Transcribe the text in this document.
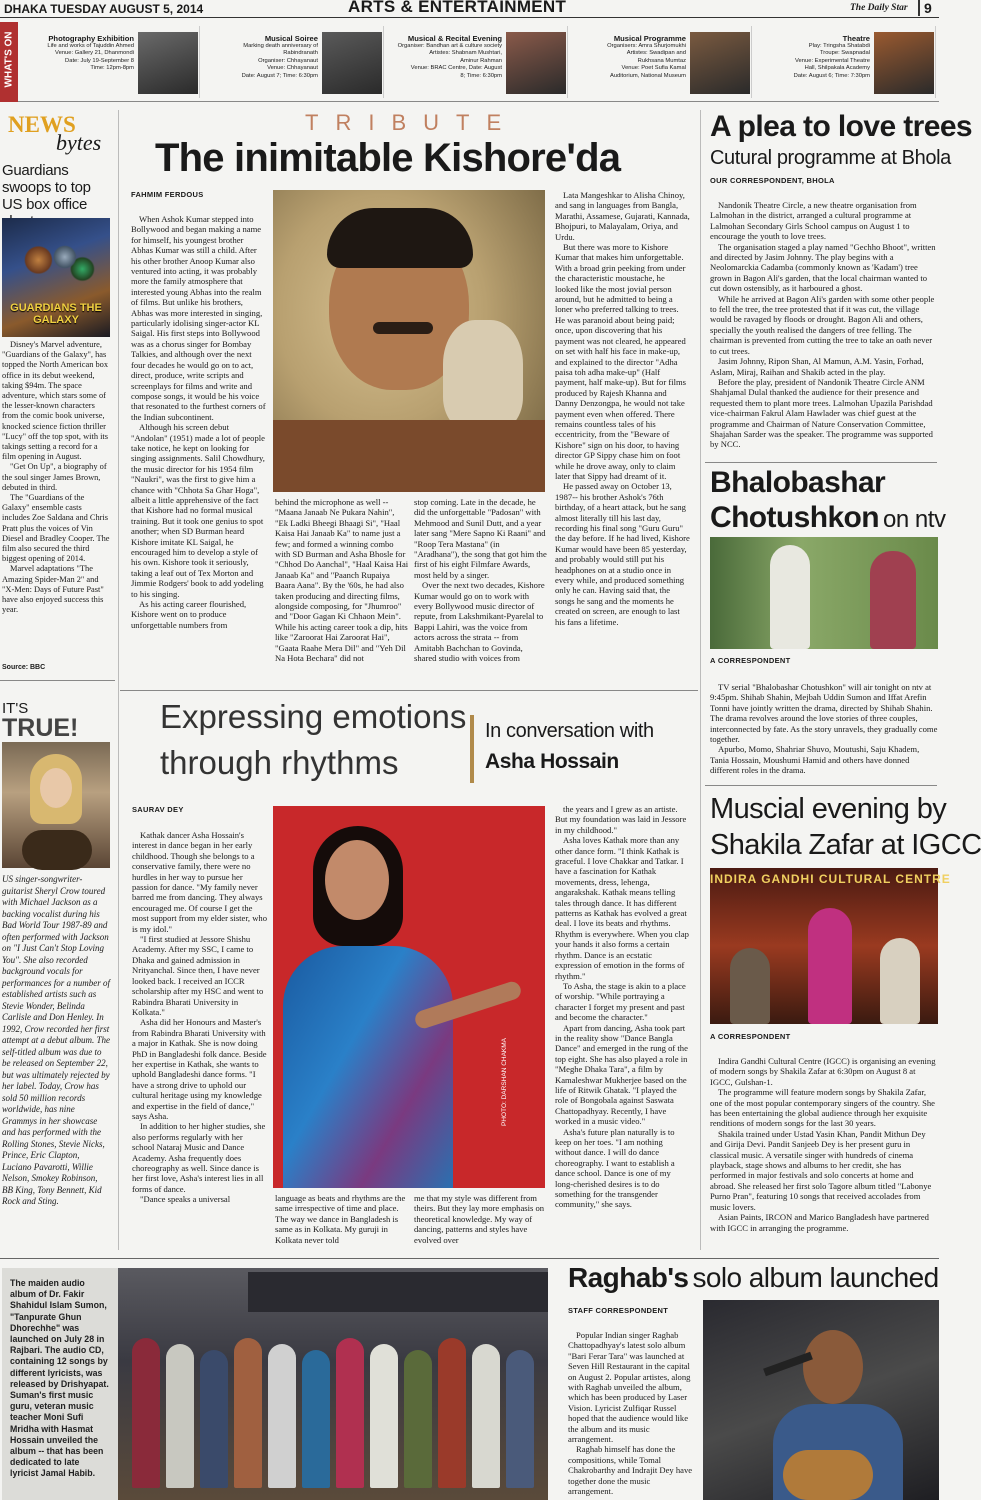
DHAKA TUESDAY AUGUST 5, 2014	ARTS & ENTERTAINMENT	The Daily Star	9
WHAT'S ON	Photography Exhibition
Life and works of Tajuddin Ahmed
Venue: Gallery 21, Dhanmondi
Date: July 19-September 8
Time: 12pm-8pm
Musical Soiree
Marking death anniversary of
Rabindranath
Organiser: Chhayanaut
Venue: Chhayanaut
Date: August 7; Time: 6:30pm
Musical & Recital Evening
Organiser: Bandhan art & culture society
Artistes: Shabnam Mushtari,
Aminur Rahman
Venue: BRAC Centre, Date: August
8; Time: 6:30pm
Musical Programme
Organisers: Amra Shurjomukhi
Artistes: Swadipan and
Rukhsana Mumtaz
Venue: Poet Sufia Kamal
Auditorium, National Museum
Theatre
Play: Tringsha Shatabdi
Troupe: Swapnadal
Venue: Experimental Theatre
Hall, Shilpakala Academy
Date: August 6; Time: 7:30pm
NEWS
bytes
Guardians swoops to top US box office
GUARDIANS THE GALAXY

Disney's Marvel adventure, "Guardians of the Galaxy", has topped the North American box office in its debut weekend, taking $94m. The space adventure, which stars some of the lesser-known characters from the comic book universe, knocked science fiction thriller "Lucy" off the top spot, with its takings setting a record for a film opening in August.

"Get On Up", a biography of the soul singer James Brown, debuted in third.

The "Guardians of the Galaxy" ensemble casts includes Zoe Saldana and Chris Pratt plus the voices of Vin Diesel and Bradley Cooper. The film also secured the third biggest opening of 2014.

Marvel adaptations "The Amazing Spider-Man 2" and "X-Men: Days of Future Past" have also enjoyed success this year.

Source: BBC
IT'S
TRUE!
US singer-songwriter-guitarist Sheryl Crow toured with Michael Jackson as a backing vocalist during his Bad World Tour 1987-89 and often performed with Jackson on "I Just Can't Stop Loving You". She also recorded background vocals for performances for a number of established artists such as Stevie Wonder, Belinda Carlisle and Don Henley. In 1992, Crow recorded her first attempt at a debut album. The self-titled album was due to be released on September 22, but was ultimately rejected by her label. Today, Crow has sold 50 million records worldwide, has nine Grammys in her showcase and has performed with the Rolling Stones, Stevie Nicks, Prince, Eric Clapton, Luciano Pavarotti, Willie Nelson, Smokey Robinson, BB King, Tony Bennett, Kid Rock and Sting.
TRIBUTE
The inimitable Kishore'da
FAHMIM FERDOUS

When Ashok Kumar stepped into Bollywood and began making a name for himself, his youngest brother Abhas Kumar was still a child. After his other brother Anoop Kumar also ventured into acting, it was probably more the family atmosphere that interested young Abhas into the realm of films. But unlike his brothers, Abhas was more interested in singing, particularly idolising singer-actor KL Saigal. His first steps into Bollywood was as a chorus singer for Bombay Talkies, and although over the next four decades he would go on to act, direct, produce, write scripts and screenplays for films and write and compose songs, it would be his voice that resonated to the furthest corners of the Indian subcontinent.

Although his screen debut "Andolan" (1951) made a lot of people take notice, he kept on looking for singing assignments. Salil Chowdhury, the music director for his 1954 film "Naukri", was the first to give him a chance with "Chhota Sa Ghar Hoga", albeit a little apprehensive of the fact that Kishore had no formal musical training. But it took one genius to spot another; when SD Burman heard Kishore imitate KL Saigal, he encouraged him to develop a style of his own. Kishore took it seriously, taking a leaf out of Tex Morton and Jimmie Rodgers' book to add yodeling to his singing.

As his acting career flourished, Kishore went on to produce unforgettable numbers from

behind the microphone as well -- "Maana Janaab Ne Pukara Nahin", "Ek Ladki Bheegi Bhaagi Si", "Haal Kaisa Hai Janaab Ka" to name just a few; and formed a winning combo with SD Burman and Asha Bhosle for "Chhod Do Aanchal", "Haal Kaisa Hai Janaab Ka" and "Paanch Rupaiya Baara Aana". By the '60s, he had also taken producing and directing films, alongside composing, for "Jhumroo" and "Door Gagan Ki Chhaon Mein". While his acting career took a dip, hits like "Zaroorat Hai Zaroorat Hai", "Gaata Raahe Mera Dil" and "Yeh Dil Na Hota Bechara" did not

stop coming. Late in the decade, he did the unforgettable "Padosan" with Mehmood and Sunil Dutt, and a year later sang "Mere Sapno Ki Raani" and "Roop Tera Mastana" (in "Aradhana"), the song that got him the first of his eight Filmfare Awards, most held by a singer.

Over the next two decades, Kishore Kumar would go on to work with every Bollywood music director of repute, from Lakshmikant-Pyarelal to Bappi Lahiri, was the voice from actors across the strata -- from Amitabh Bachchan to Govinda, shared studio with voices from

Lata Mangeshkar to Alisha Chinoy, and sang in languages from Bangla, Marathi, Assamese, Gujarati, Kannada, Bhojpuri, to Malayalam, Oriya, and Urdu.

But there was more to Kishore Kumar that makes him unforgettable. With a broad grin peeking from under the characteristic moustache, he looked like the most jovial person around, but he admitted to being a loner who preferred talking to trees. He was paranoid about being paid; once, upon discovering that his payment was not cleared, he appeared on set with half his face in make-up, and explained to the director "Adha paisa toh adha make-up" (Half payment, half make-up). But for films produced by Rajesh Khanna and Danny Denzongpa, he would not take payment even when offered. There remains countless tales of his eccentricity, from the "Beware of Kishore" sign on his door, to having director GP Sippy chase him on foot while he drove away, only to claim later that Sippy had dreamt of it.

He passed away on October 13, 1987-- his brother Ashok's 76th birthday, of a heart attack, but he sang almost literally till his last day, recording his final song "Guru Guru" the day before. If he had lived, Kishore Kumar would have been 85 yesterday, and probably would still put his headphones on at a studio once in every while, and produced something only he can. Having said that, the songs he sang and the moments he created on screen, are enough to last his fans a lifetime.

A plea to love trees
Cutural programme at Bhola
OUR CORRESPONDENT, BHOLA

Nandonik Theatre Circle, a new theatre organisation from Lalmohan in the district, arranged a cultural programme at Lalmohan Secondary Girls School campus on August 1 to encourage the youth to love trees.

The organisation staged a play named "Gechho Bhoot", written and directed by Jasim Johnny. The play begins with a Neolomarckia Cadamba (commonly known as 'Kadam') tree grown in Bagon Ali's garden, that the local chairman wanted to cut down ostensibly, as it harboured a ghost.

While he arrived at Bagon Ali's garden with some other people to fell the tree, the tree protested that if it was cut, the village would be ravaged by floods or drought. Bagon Ali and others, specially the youth realised the dangers of tree felling. The chairman is prevented from cutting the tree to take an oath never to cut trees.

Jasim Johnny, Ripon Shan, Al Mamun, A.M. Yasin, Forhad, Aslam, Miraj, Raihan and Shakib acted in the play.

Before the play, president of Nandonik Theatre Circle ANM Shahjamal Dulal thanked the audience for their presence and requested them to plant more trees. Lalmohan Upazila Parishdad vice-chairman Fakrul Alam Hawlader was chief guest at the programme and Chairman of Nature Conservation Committee, Shajahan Sarder was the speaker. The programme was supported by NCC.

Bhalobashar
Chotushkon on ntv
A CORRESPONDENT

TV serial "Bhalobashar Chotushkon" will air tonight on ntv at 9:45pm. Shihab Shahin, Mejbah Uddin Sumon and Iffat Arefin Tonni have jointly written the drama, directed by Shihab Shahin. The drama revolves around the love stories of three couples, interconnected by fate. As the story unravels, they gradually come together.

Apurbo, Momo, Shahriar Shuvo, Moutushi, Saju Khadem, Tania Hossain, Moushumi Hamid and others have donned different roles in the drama.

Expressing emotions
through rhythms
In conversation with
Asha Hossain
SAURAV DEY

Kathak dancer Asha Hossain's interest in dance began in her early childhood. Though she belongs to a conservative family, there were no hurdles in her way to pursue her passion for dance. "My family never barred me from dancing. They always encouraged me. Of course I get the most support from my elder sister, who is my idol."

"I first studied at Jessore Shishu Academy. After my SSC, I came to Dhaka and gained admission in Nrityanchal. Since then, I have never looked back. I received an ICCR scholarship after my HSC and went to Rabindra Bharati University in Kolkata."

Asha did her Honours and Master's from Rabindra Bharati University with a major in Kathak. She is now doing PhD in Bangladeshi folk dance. Beside her expertise in Kathak, she wants to uphold Bangladeshi dance forms. "I have a strong drive to uphold our cultural heritage using my knowledge and expertise in the field of dance," says Asha.

In addition to her higher studies, she also performs regularly with her school Nataraj Music and Dance Academy. Asha frequently does choreography as well. Since dance is her first love, Asha's interest lies in all forms of dance.

"Dance speaks a universal

PHOTO: DARSHAN CHAKMA

language as beats and rhythms are the same irrespective of time and place. The way we dance in Bangladesh is same as in Kolkata. My guruji in Kolkata never told

me that my style was different from theirs. But they lay more emphasis on theoretical knowledge. My way of dancing, patterns and styles have evolved over

the years and I grew as an artiste. But my foundation was laid in Jessore in my childhood."

Asha loves Kathak more than any other dance form. "I think Kathak is graceful. I love Chakkar and Tatkar. I have a fascination for Kathak movements, dress, lehenga, angarakshak. Kathak means telling tales through dance. It has different patterns as Kathak has evolved a great deal. I love its beats and rhythms. Rhythm is everywhere. When you clap your hands it also forms a certain rhythm. Dance is an ecstatic expression of emotion in the forms of rhythm."

To Asha, the stage is akin to a place of worship. "While portraying a character I forget my present and past and become the character."

Apart from dancing, Asha took part in the reality show "Dance Bangla Dance" and emerged in the rung of the top eight. She has also played a role in "Meghe Dhaka Tara", a film by Kamaleshwar Mukherjee based on the life of Ritwik Ghatak. "I played the role of Bongobala against Saswata Chattopadhyay. Recently, I have worked in a music video."

Asha's future plan naturally is to keep on her toes. "I am nothing without dance. I will do dance choreography. I want to establish a dance school. Dance is one of my long-cherished desires is to do something for the transgender community," she says.

Muscial evening by
Shakila Zafar at IGCC
INDIRA GANDHI CULTURAL CENTRE
A CORRESPONDENT

Indira Gandhi Cultural Centre (IGCC) is organising an evening of modern songs by Shakila Zafar at 6:30pm on August 8 at IGCC, Gulshan-1.

The programme will feature modern songs by Shakila Zafar, one of the most popular contemporary singers of the country. She has been entertaining the global audience through her exquisite renditions of modern songs for the last 30 years.

Shakila trained under Ustad Yasin Khan, Pandit Mithun Dey and Girija Devi. Pandit Sanjeeb Dey is her present guru in classical music. A versatile singer with hundreds of cinema playback, stage shows and albums to her credit, she has performed in major festivals and solo concerts at home and abroad. She released her first solo Tagore album titled "Labonye Purno Pran", featuring 10 songs that received accolades from music lovers.

Asian Paints, IRCON and Marico Bangladesh have partnered with IGCC in arranging the programme.

The maiden audio album of Dr. Fakir Shahidul Islam Sumon, "Tanpurate Ghun Dhorechhe" was launched on July 28 in Rajbari. The audio CD, containing 12 songs by different lyricists, was released by Drishyapat. Suman's first music guru, veteran music teacher Moni Sufi Mridha with Hasmat Hossain unveiled the album -- that has been dedicated to late lyricist Jamal Habib.
Raghab's solo album launched
STAFF CORRESPONDENT

Popular Indian singer Raghab Chattopadhyay's latest solo album "Bari Ferar Tara" was launched at Seven Hill Restaurant in the capital on August 2. Popular artistes, along with Raghab unveiled the album, which has been produced by Laser Vision. Lyricist Zulfiqar Russel hoped that the audience would like the album and its music arrangement.

Raghab himself has done the compositions, while Tomal Chakrobarthy and Indrajit Dey have together done the music arrangement.
